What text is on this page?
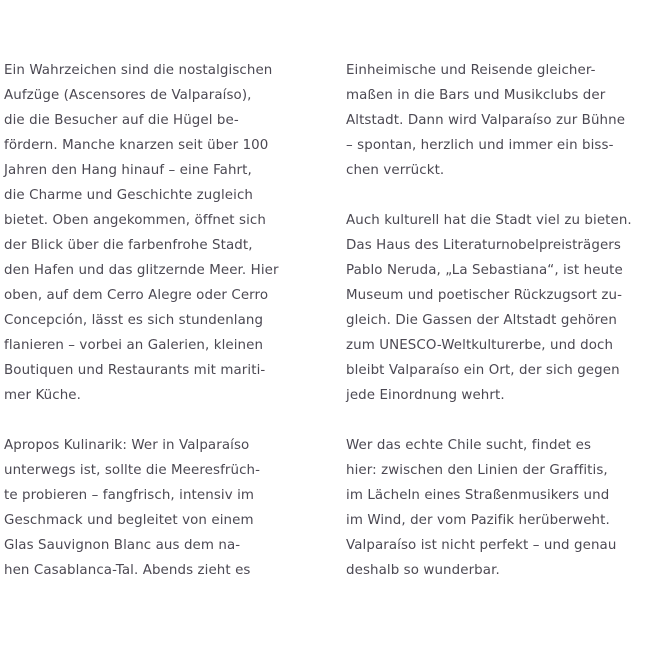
Ein Wahrzeichen sind die nostalgischen
Aufzüge (Ascensores de Valparaíso),
die die Besucher auf die Hügel be-
fördern. Manche knarzen seit über 100
Jahren den Hang hinauf – eine Fahrt,
die Charme und Geschichte zugleich
bietet. Oben angekommen, öffnet sich
der Blick über die farbenfrohe Stadt,
den Hafen und das glitzernde Meer. Hier
oben, auf dem Cerro Alegre oder Cerro
Concepción, lässt es sich stundenlang
flanieren – vorbei an Galerien, kleinen
Boutiquen und Restaurants mit mariti-
mer Küche.

Apropos Kulinarik: Wer in Valparaíso
unterwegs ist, sollte die Meeresfrüch-
te probieren – fangfrisch, intensiv im
Geschmack und begleitet von einem
Glas Sauvignon Blanc aus dem na-
hen Casablanca-Tal. Abends zieht es

Einheimische und Reisende gleicher-
maßen in die Bars und Musikclubs der
Altstadt. Dann wird Valparaíso zur Bühne
– spontan, herzlich und immer ein biss-
chen verrückt.

Auch kulturell hat die Stadt viel zu bieten.
Das Haus des Literaturnobelpreisträgers
Pablo Neruda, „La Sebastiana“, ist heute
Museum und poetischer Rückzugsort zu-
gleich. Die Gassen der Altstadt gehören
zum UNESCO-Weltkulturerbe, und doch
bleibt Valparaíso ein Ort, der sich gegen
jede Einordnung wehrt.

Wer das echte Chile sucht, findet es
hier: zwischen den Linien der Graffitis,
im Lächeln eines Straßenmusikers und
im Wind, der vom Pazifik herüberweht.
Valparaíso ist nicht perfekt – und genau
deshalb so wunderbar.
